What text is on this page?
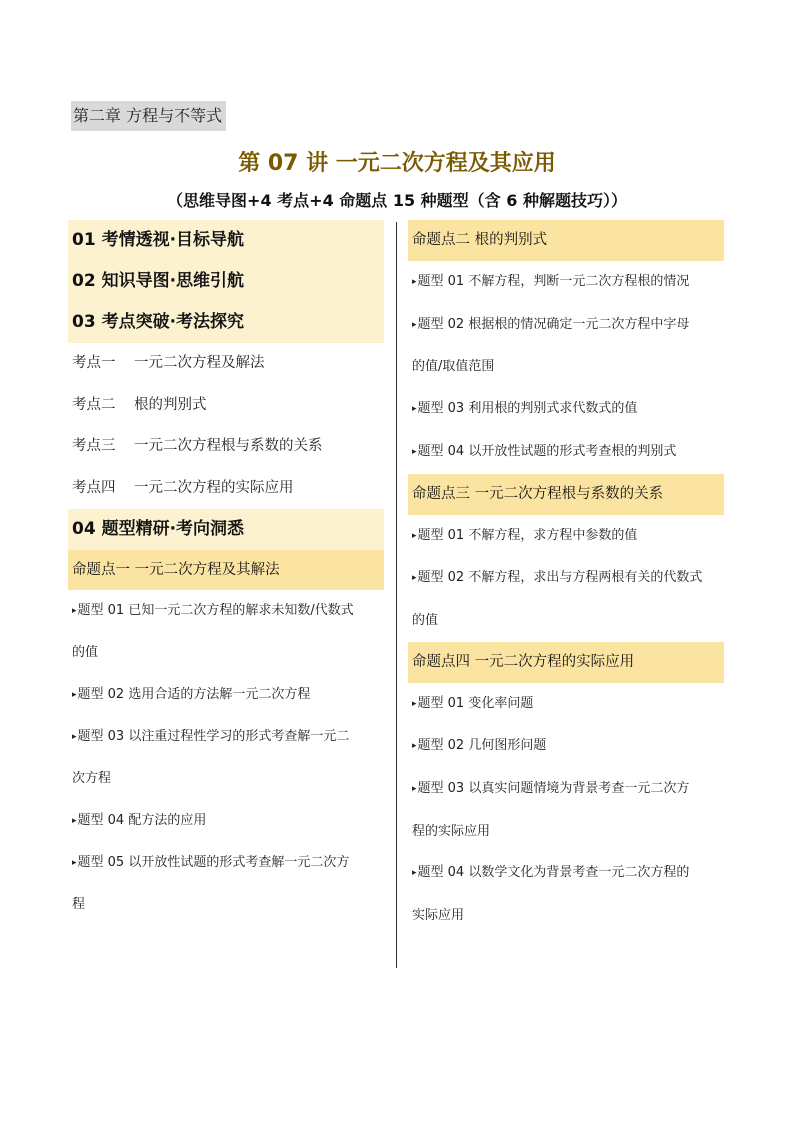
第二章 方程与不等式
第 07 讲 一元二次方程及其应用
（思维导图+4 考点+4 命题点 15 种题型（含 6 种解题技巧））
01 考情透视·目标导航
02 知识导图·思维引航
03 考点突破·考法探究
考点一 一元二次方程及解法
考点二 根的判别式
考点三 一元二次方程根与系数的关系
考点四 一元二次方程的实际应用
04 题型精研·考向洞悉
命题点一 一元二次方程及其解法
▸题型 01 已知一元二次方程的解求未知数/代数式
的值
▸题型 02 选用合适的方法解一元二次方程
▸题型 03 以注重过程性学习的形式考查解一元二
次方程
▸题型 04 配方法的应用
▸题型 05 以开放性试题的形式考查解一元二次方
程
命题点二 根的判别式
▸题型 01 不解方程，判断一元二次方程根的情况
▸题型 02 根据根的情况确定一元二次方程中字母
的值/取值范围
▸题型 03 利用根的判别式求代数式的值
▸题型 04 以开放性试题的形式考查根的判别式
命题点三 一元二次方程根与系数的关系
▸题型 01 不解方程，求方程中参数的值
▸题型 02 不解方程，求出与方程两根有关的代数式
的值
命题点四 一元二次方程的实际应用
▸题型 01 变化率问题
▸题型 02 几何图形问题
▸题型 03 以真实问题情境为背景考查一元二次方
程的实际应用
▸题型 04 以数学文化为背景考查一元二次方程的
实际应用
